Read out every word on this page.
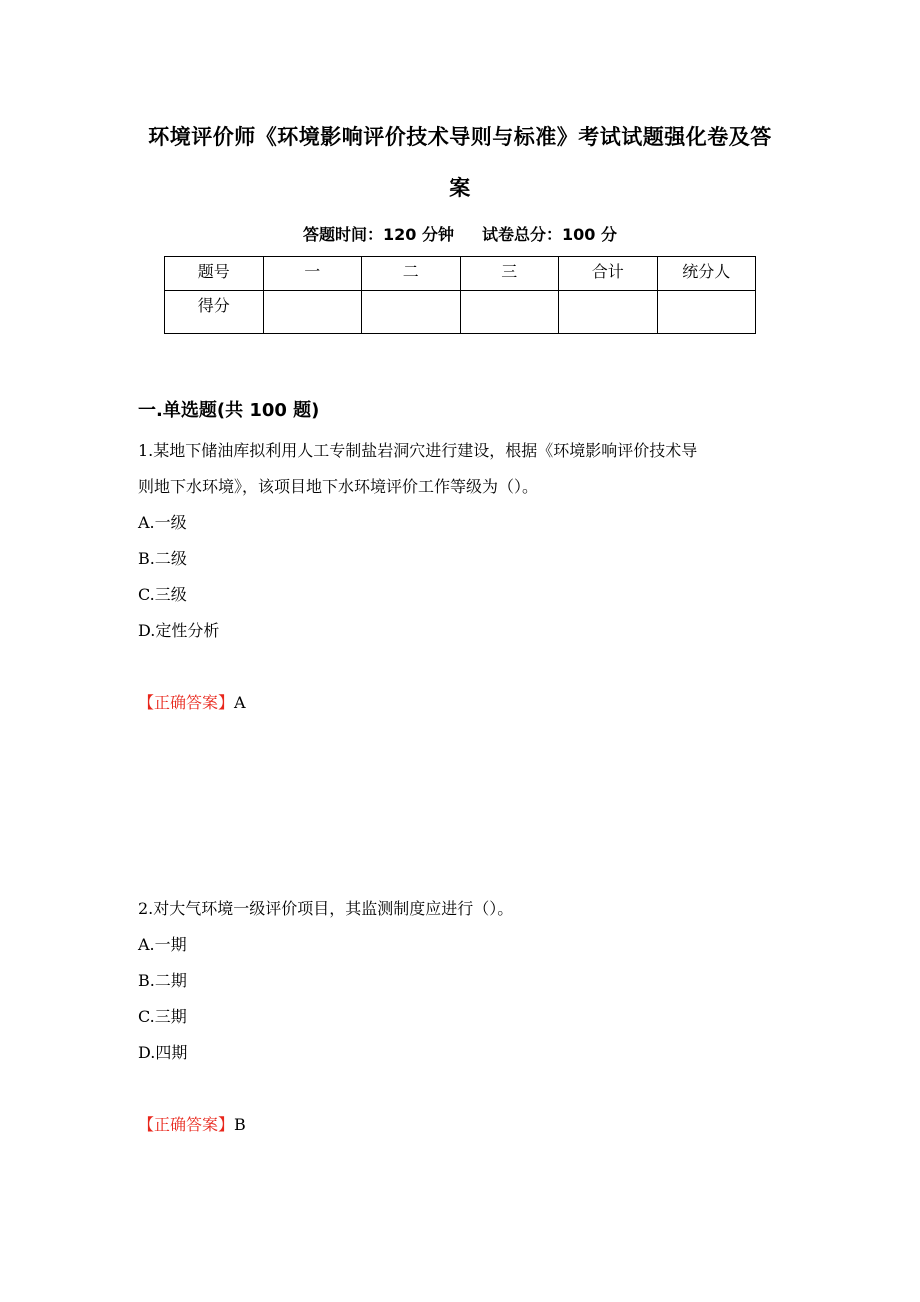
环境评价师《环境影响评价技术导则与标准》考试试题强化卷及答
案
答题时间：120 分钟 试卷总分：100 分
题号	一	二	三	合计	统分人
得分					
一.单选题(共 100 题)
1.某地下储油库拟利用人工专制盐岩洞穴进行建设，根据《环境影响评价技术导
则地下水环境》，该项目地下水环境评价工作等级为（）。
A.一级
B.二级
C.三级
D.定性分析
【正确答案】A
2.对大气环境一级评价项目，其监测制度应进行（）。
A.一期
B.二期
C.三期
D.四期
【正确答案】B
